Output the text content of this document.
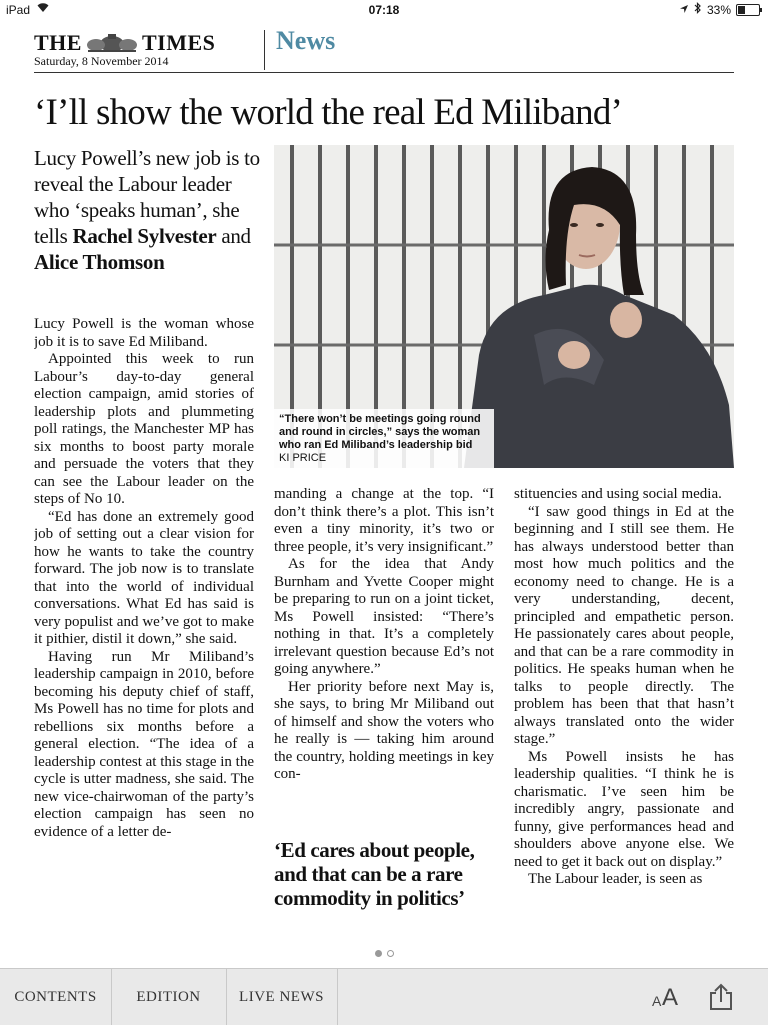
iPad	07:18	33%
THE	TIMES
Saturday, 8 November 2014
News
‘I’ll show the world the real Ed Miliband’
Lucy Powell’s new job is to reveal the Labour leader who ‘speaks human’, she tells Rachel Sylvester and Alice Thomson
“There won’t be meetings going round and round in circles,” says the woman who ran Ed Miliband’s leadership bid
KI PRICE

Lucy Powell is the woman whose job it is to save Ed Miliband.

Appointed this week to run Labour’s day-to-day general election campaign, amid stories of leadership plots and plummeting poll ratings, the Manchester MP has six months to boost party morale and persuade the voters that they can see the Labour leader on the steps of No 10.

“Ed has done an extremely good job of setting out a clear vision for how he wants to take the country forward. The job now is to translate that into the world of individual conversations. What Ed has said is very populist and we’ve got to make it pithier, distil it down,” she said.

Having run Mr Miliband’s leadership campaign in 2010, before becoming his deputy chief of staff, Ms Powell has no time for plots and rebellions six months before a general election. “The idea of a leadership contest at this stage in the cycle is utter madness, she said. The new vice-chairwoman of the party’s election campaign has seen no evidence of a letter de-

manding a change at the top. “I don’t think there’s a plot. This isn’t even a tiny minority, it’s two or three people, it’s very insignificant.”

As for the idea that Andy Burnham and Yvette Cooper might be preparing to run on a joint ticket, Ms Powell insisted: “There’s nothing in that. It’s a completely irrelevant question because Ed’s not going anywhere.”

Her priority before next May is, she says, to bring Mr Miliband out of himself and show the voters who he really is — taking him around the country, holding meetings in key con-

‘Ed cares about people, and that can be a rare commodity in politics’

stituencies and using social media.

“I saw good things in Ed at the beginning and I still see them. He has always understood better than most how much politics and the economy need to change. He is a very understanding, decent, principled and empathetic person. He passionately cares about people, and that can be a rare commodity in politics. He speaks human when he talks to people directly. The problem has been that that hasn’t always translated onto the wider stage.”

Ms Powell insists he has leadership qualities. “I think he is charismatic. I’ve seen him be incredibly angry, passionate and funny, give performances head and shoulders above anyone else. We need to get it back out on display.”

The Labour leader, is seen as

CONTENTS	EDITION	LIVE NEWS	A A
